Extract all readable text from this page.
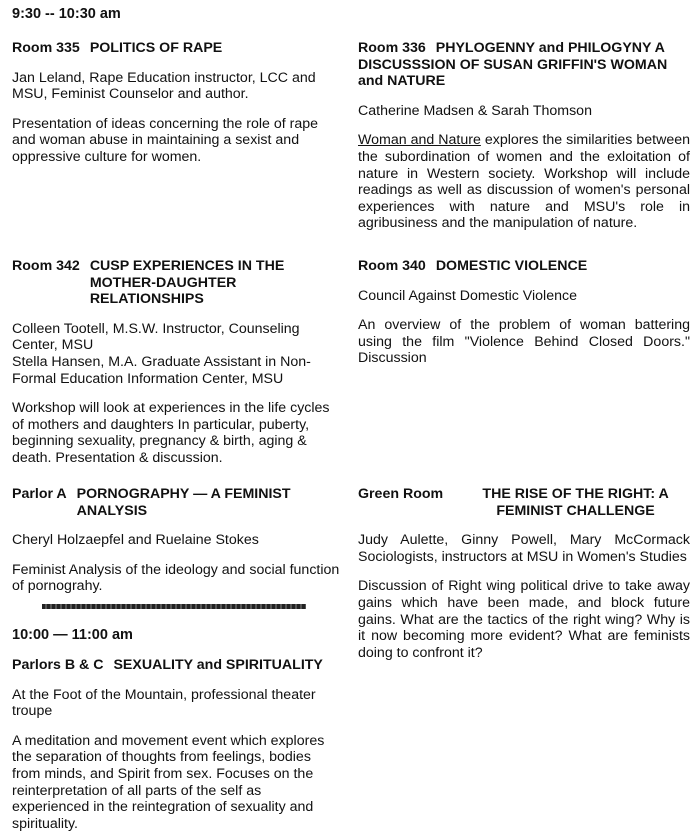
9:30 -- 10:30 am
Room 335 POLITICS OF RAPE

Jan Leland, Rape Education instructor, LCC and MSU, Feminist Counselor and author.

Presentation of ideas concerning the role of rape and woman abuse in maintaining a sexist and oppressive culture for women.

Room 342 CUSP EXPERIENCES IN THE MOTHER-DAUGHTER RELATIONSHIPS

Colleen Tootell, M.S.W. Instructor, Counseling Center, MSU

Stella Hansen, M.A. Graduate Assistant in Non-Formal Education Information Center, MSU

Workshop will look at experiences in the life cycles of mothers and daughters In particular, puberty, beginning sexuality, pregnancy & birth, aging & death. Presentation & discussion.

Parlor A PORNOGRAPHY — A FEMINIST ANALYSIS

Cheryl Holzaepfel and Ruelaine Stokes

Feminist Analysis of the ideology and social function of pornograhy.

10:00 — 11:00 am
Parlors B & C SEXUALITY and SPIRITUALITY

At the Foot of the Mountain, professional theater troupe

A meditation and movement event which explores the separation of thoughts from feelings, bodies from minds, and Spirit from sex. Focuses on the reinterpretation of all parts of the self as experienced in the reintegration of sexuality and spirituality.

Room 336 PHYLOGENNY and PHILOGYNY A DISCUSSSION OF SUSAN GRIFFIN'S WOMAN and NATURE

Catherine Madsen & Sarah Thomson

Woman and Nature explores the similarities between the subordination of women and the exloitation of nature in Western society. Workshop will include readings as well as discussion of women's personal experiences with nature and MSU's role in agribusiness and the manipulation of nature.

Room 340 DOMESTIC VIOLENCE

Council Against Domestic Violence

An overview of the problem of woman battering using the film "Violence Behind Closed Doors." Discussion

Green Room	THE RISE OF THE RIGHT: A FEMINIST CHALLENGE

Judy Aulette, Ginny Powell, Mary McCormack Sociologists, instructors at MSU in Women's Studies

Discussion of Right wing political drive to take away gains which have been made, and block future gains. What are the tactics of the right wing? Why is it now becoming more evident? What are feminists doing to confront it?
